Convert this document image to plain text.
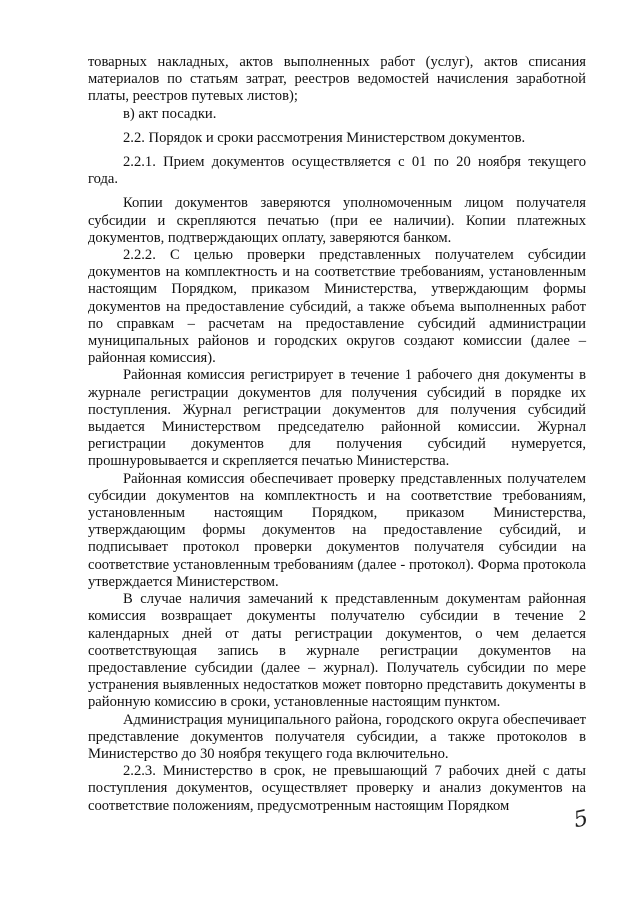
товарных накладных, актов выполненных работ (услуг), актов списания материалов по статьям затрат, реестров ведомостей начисления заработной платы, реестров путевых листов);

в) акт посадки.

2.2. Порядок и сроки рассмотрения Министерством документов.

2.2.1. Прием документов осуществляется с 01 по 20 ноября текущего года.

Копии документов заверяются уполномоченным лицом получателя субсидии и скрепляются печатью (при ее наличии). Копии платежных документов, подтверждающих оплату, заверяются банком.

2.2.2. С целью проверки представленных получателем субсидии документов на комплектность и на соответствие требованиям, установленным настоящим Порядком, приказом Министерства, утверждающим формы документов на предоставление субсидий, а также объема выполненных работ по справкам – расчетам на предоставление субсидий администрации муниципальных районов и городских округов создают комиссии (далее – районная комиссия).

Районная комиссия регистрирует в течение 1 рабочего дня документы в журнале регистрации документов для получения субсидий в порядке их поступления. Журнал регистрации документов для получения субсидий выдается Министерством председателю районной комиссии. Журнал регистрации документов для получения субсидий нумеруется, прошнуровывается и скрепляется печатью Министерства.

Районная комиссия обеспечивает проверку представленных получателем субсидии документов на комплектность и на соответствие требованиям, установленным настоящим Порядком, приказом Министерства, утверждающим формы документов на предоставление субсидий, и подписывает протокол проверки документов получателя субсидии на соответствие установленным требованиям (далее - протокол). Форма протокола утверждается Министерством.

В случае наличия замечаний к представленным документам районная комиссия возвращает документы получателю субсидии в течение 2 календарных дней от даты регистрации документов, о чем делается соответствующая запись в журнале регистрации документов на предоставление субсидии (далее – журнал). Получатель субсидии по мере устранения выявленных недостатков может повторно представить документы в районную комиссию в сроки, установленные настоящим пунктом.

Администрация муниципального района, городского округа обеспечивает представление документов получателя субсидии, а также протоколов в Министерство до 30 ноября текущего года включительно.

2.2.3. Министерство в срок, не превышающий 7 рабочих дней с даты поступления документов, осуществляет проверку и анализ документов на соответствие положениям, предусмотренным настоящим Порядком

5
